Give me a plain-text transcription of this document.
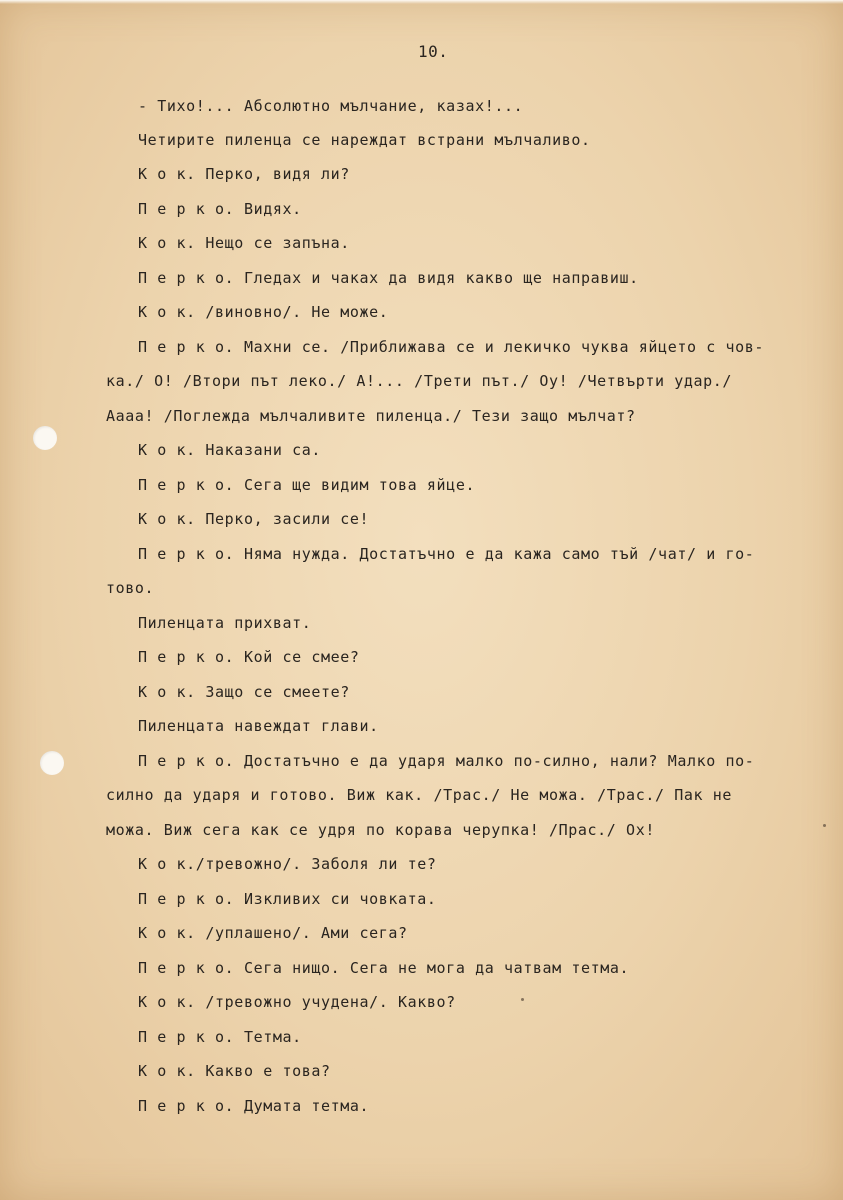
10.
- Тихо!... Абсолютно мълчание, казах!...
Четирите пиленца се нареждат встрани мълчаливо.
К о к. Перко, видя ли?
П е р к о. Видях.
К о к. Нещо се запъна.
П е р к о. Гледах и чаках да видя какво ще направиш.
К о к. /виновно/. Не може.
П е р к о. Махни се. /Приближава се и лекичко чуква яйцето с чов-
ка./ О! /Втори път леко./ А!... /Трети път./ Оу! /Четвърти удар./
Аааа! /Поглежда мълчаливите пиленца./ Тези защо мълчат?
К о к. Наказани са.
П е р к о. Сега ще видим това яйце.
К о к. Перко, засили се!
П е р к о. Няма нужда. Достатъчно е да кажа само тъй /чат/ и го-
тово.
Пиленцата прихват.
П е р к о. Кой се смее?
К о к. Защо се смеете?
Пиленцата навеждат глави.
П е р к о. Достатъчно е да ударя малко по-силно, нали? Малко по-
силно да ударя и готово. Виж как. /Трас./ Не можа. /Трас./ Пак не
можа. Виж сега как се удря по корава черупка! /Прас./ Ох!
К о к./тревожно/. Заболя ли те?
П е р к о. Изкливих си човката.
К о к. /уплашено/. Ами сега?
П е р к о. Сега нищо. Сега не мога да чатвам тетма.
К о к. /тревожно учудена/. Какво?
П е р к о. Тетма.
К о к. Какво е това?
П е р к о. Думата тетма.
